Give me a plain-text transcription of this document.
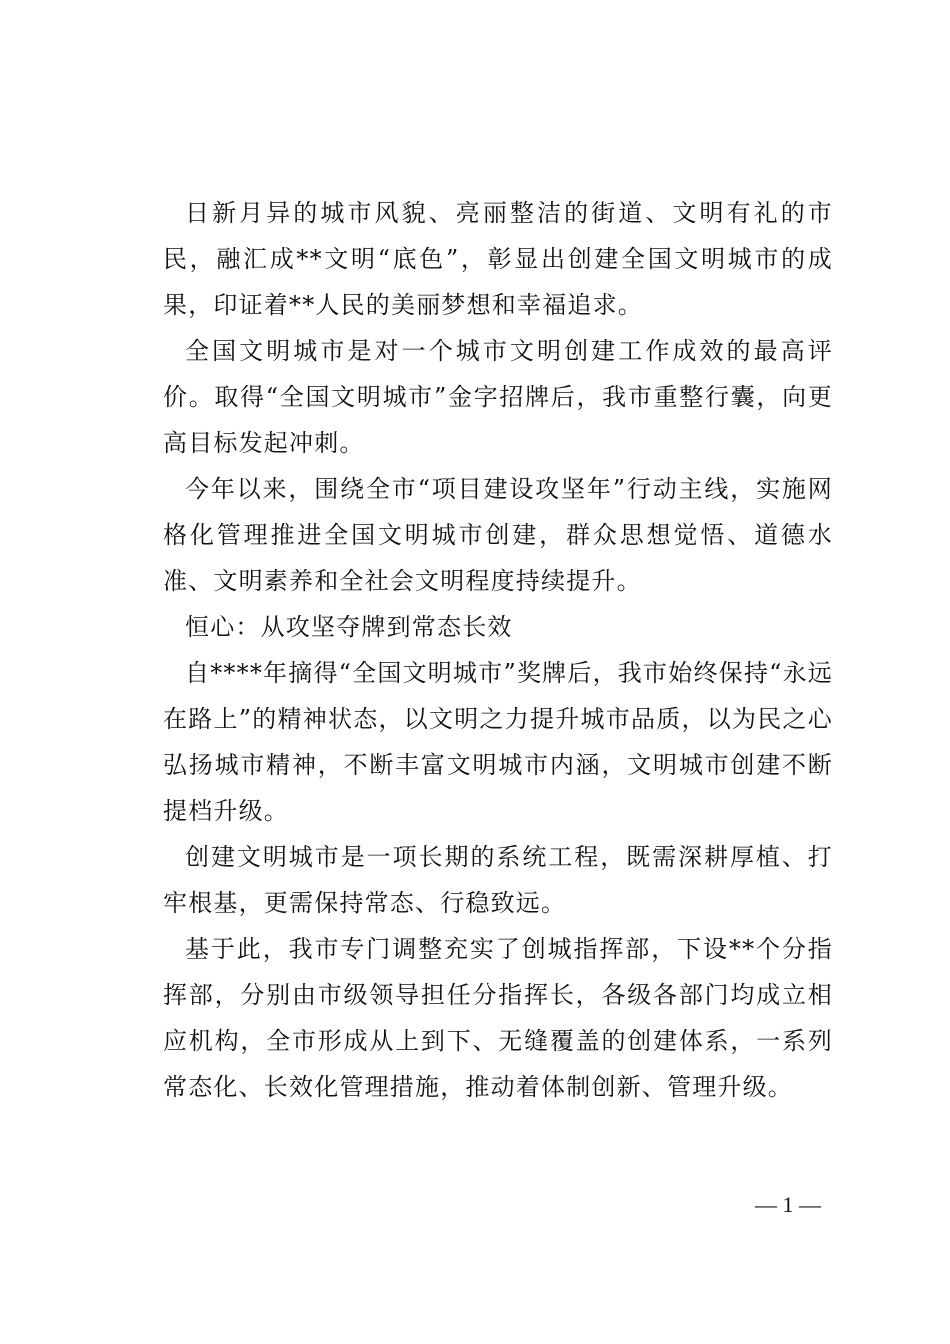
日新月异的城市风貌、亮丽整洁的街道、文明有礼的市民，融汇成**文明“底色”，彰显出创建全国文明城市的成果，印证着**人民的美丽梦想和幸福追求。

全国文明城市是对一个城市文明创建工作成效的最高评价。取得“全国文明城市”金字招牌后，我市重整行囊，向更高目标发起冲刺。

今年以来，围绕全市“项目建设攻坚年”行动主线，实施网格化管理推进全国文明城市创建，群众思想觉悟、道德水准、文明素养和全社会文明程度持续提升。

恒心：从攻坚夺牌到常态长效

自****年摘得“全国文明城市”奖牌后，我市始终保持“永远在路上”的精神状态，以文明之力提升城市品质，以为民之心弘扬城市精神，不断丰富文明城市内涵，文明城市创建不断提档升级。

创建文明城市是一项长期的系统工程，既需深耕厚植、打牢根基，更需保持常态、行稳致远。

基于此，我市专门调整充实了创城指挥部，下设**个分指挥部，分别由市级领导担任分指挥长，各级各部门均成立相应机构，全市形成从上到下、无缝覆盖的创建体系，一系列常态化、长效化管理措施，推动着体制创新、管理升级。

— 1 —
